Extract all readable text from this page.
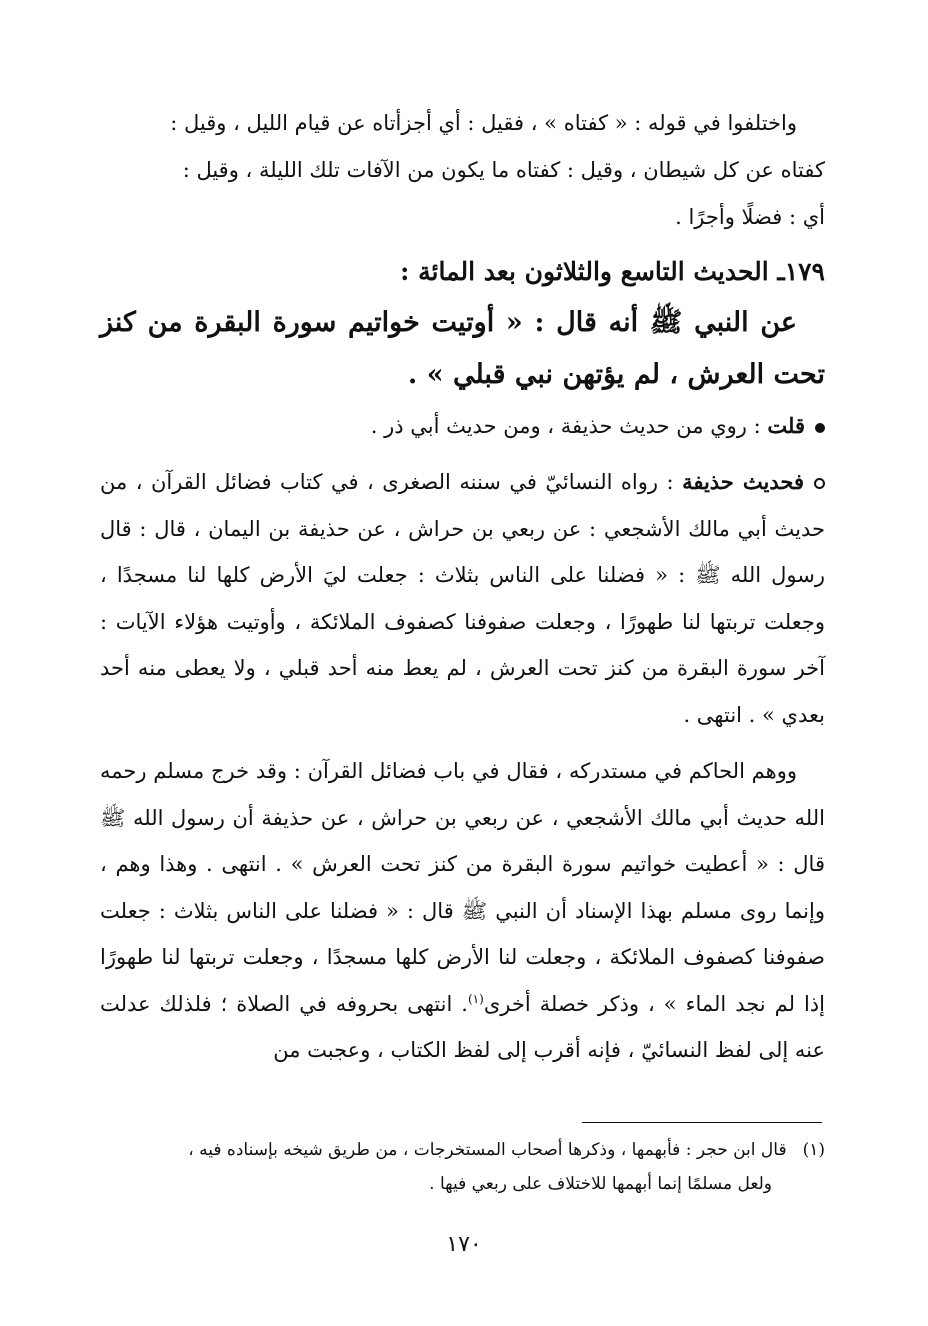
واختلفوا في قوله : « كفتاه » ، فقيل : أي أجزأتاه عن قيام الليل ، وقيل :
كفتاه عن كل شيطان ، وقيل : كفتاه ما يكون من الآفات تلك الليلة ، وقيل :
أي : فضلًا وأجرًا .
١٧٩ـ الحديث التاسع والثلاثون بعد المائة :
عن النبي ﷺ أنه قال : « أوتيت خواتيم سورة البقرة من كنز تحت العرش ، لم يؤتهن نبي قبلي » .
قلت : روي من حديث حذيفة ، ومن حديث أبي ذر .
فحديث حذيفة : رواه النسائيّ في سننه الصغرى ، في كتاب فضائل القرآن ، من حديث أبي مالك الأشجعي : عن ربعي بن حراش ، عن حذيفة بن اليمان ، قال : قال رسول الله ﷺ : « فضلنا على الناس بثلاث : جعلت ليَ الأرض كلها لنا مسجدًا ، وجعلت تربتها لنا طهورًا ، وجعلت صفوفنا كصفوف الملائكة ، وأوتيت هؤلاء الآيات : آخر سورة البقرة من كنز تحت العرش ، لم يعط منه أحد قبلي ، ولا يعطى منه أحد بعدي » . انتهى .
ووهم الحاكم في مستدركه ، فقال في باب فضائل القرآن : وقد خرج مسلم رحمه الله حديث أبي مالك الأشجعي ، عن ربعي بن حراش ، عن حذيفة أن رسول الله ﷺ قال : « أعطيت خواتيم سورة البقرة من كنز تحت العرش » . انتهى . وهذا وهم ، وإنما روى مسلم بهذا الإسناد أن النبي ﷺ قال : « فضلنا على الناس بثلاث : جعلت صفوفنا كصفوف الملائكة ، وجعلت لنا الأرض كلها مسجدًا ، وجعلت تربتها لنا طهورًا إذا لم نجد الماء » ، وذكر خصلة أخرى$^{(١)}$. انتهى بحروفه في الصلاة ؛ فلذلك عدلت عنه إلى لفظ النسائيّ ، فإنه أقرب إلى لفظ الكتاب ، وعجبت من
(١)قال ابن حجر : فأبهمها ، وذكرها أصحاب المستخرجات ، من طريق شيخه بإسناده فيه ،
ولعل مسلمًا إنما أبهمها للاختلاف على ربعي فيها .
١٧٠
